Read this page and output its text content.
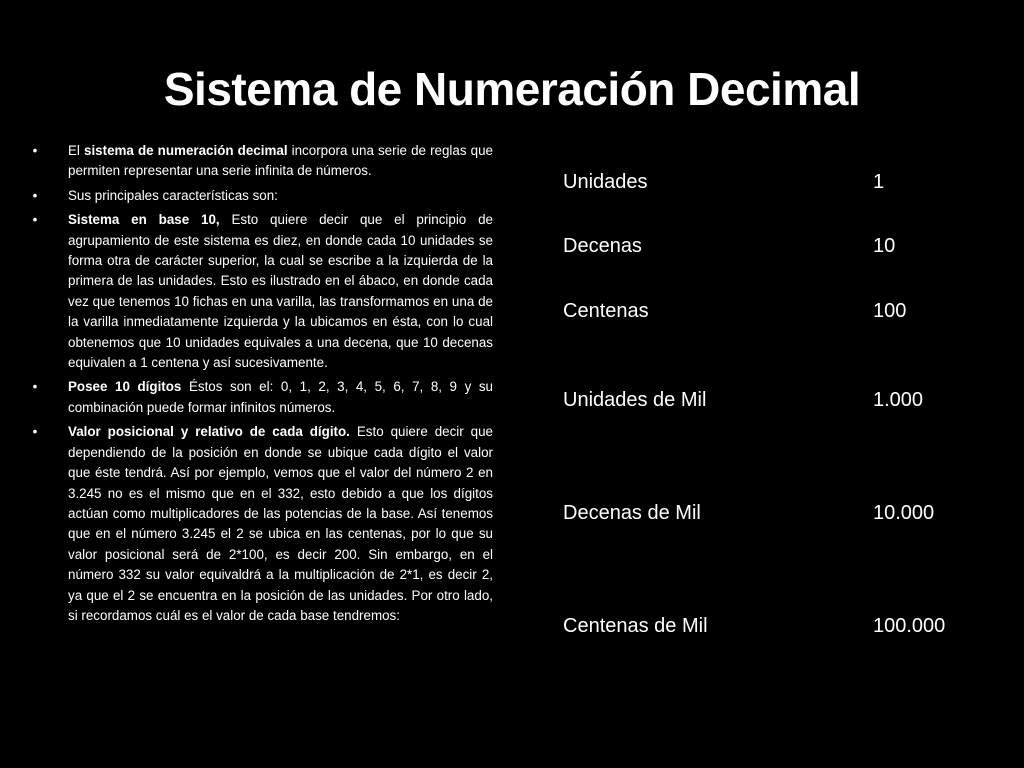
Sistema de Numeración Decimal
•	El sistema de numeración decimal incorpora una serie de reglas que permiten representar una serie infinita de números.
•	Sus principales características son:
•	Sistema en base 10, Esto quiere decir que el principio de agrupamiento de este sistema es diez, en donde cada 10 unidades se forma otra de carácter superior, la cual se escribe a la izquierda de la primera de las unidades. Esto es ilustrado en el ábaco, en donde cada vez que tenemos 10 fichas en una varilla, las transformamos en una de la varilla inmediatamente izquierda y la ubicamos en ésta, con lo cual obtenemos que 10 unidades equivales a una decena, que 10 decenas equivalen a 1 centena y así sucesivamente.
•	Posee 10 dígitos Éstos son el: 0, 1, 2, 3, 4, 5, 6, 7, 8, 9 y su combinación puede formar infinitos números.
•	Valor posicional y relativo de cada dígito. Esto quiere decir que dependiendo de la posición en donde se ubique cada dígito el valor que éste tendrá. Así por ejemplo, vemos que el valor del número 2 en 3.245 no es el mismo que en el 332, esto debido a que los dígitos actúan como multiplicadores de las potencias de la base. Así tenemos que en el número 3.245 el 2 se ubica en las centenas, por lo que su valor posicional será de 2*100, es decir 200. Sin embargo, en el número 332 su valor equivaldrá a la multiplicación de 2*1, es decir 2, ya que el 2 se encuentra en la posición de las unidades. Por otro lado, si recordamos cuál es el valor de cada base tendremos:
Unidades	1
Decenas	10
Centenas	100
Unidades de Mil	1.000
Decenas de Mil	10.000
Centenas de Mil	100.000
